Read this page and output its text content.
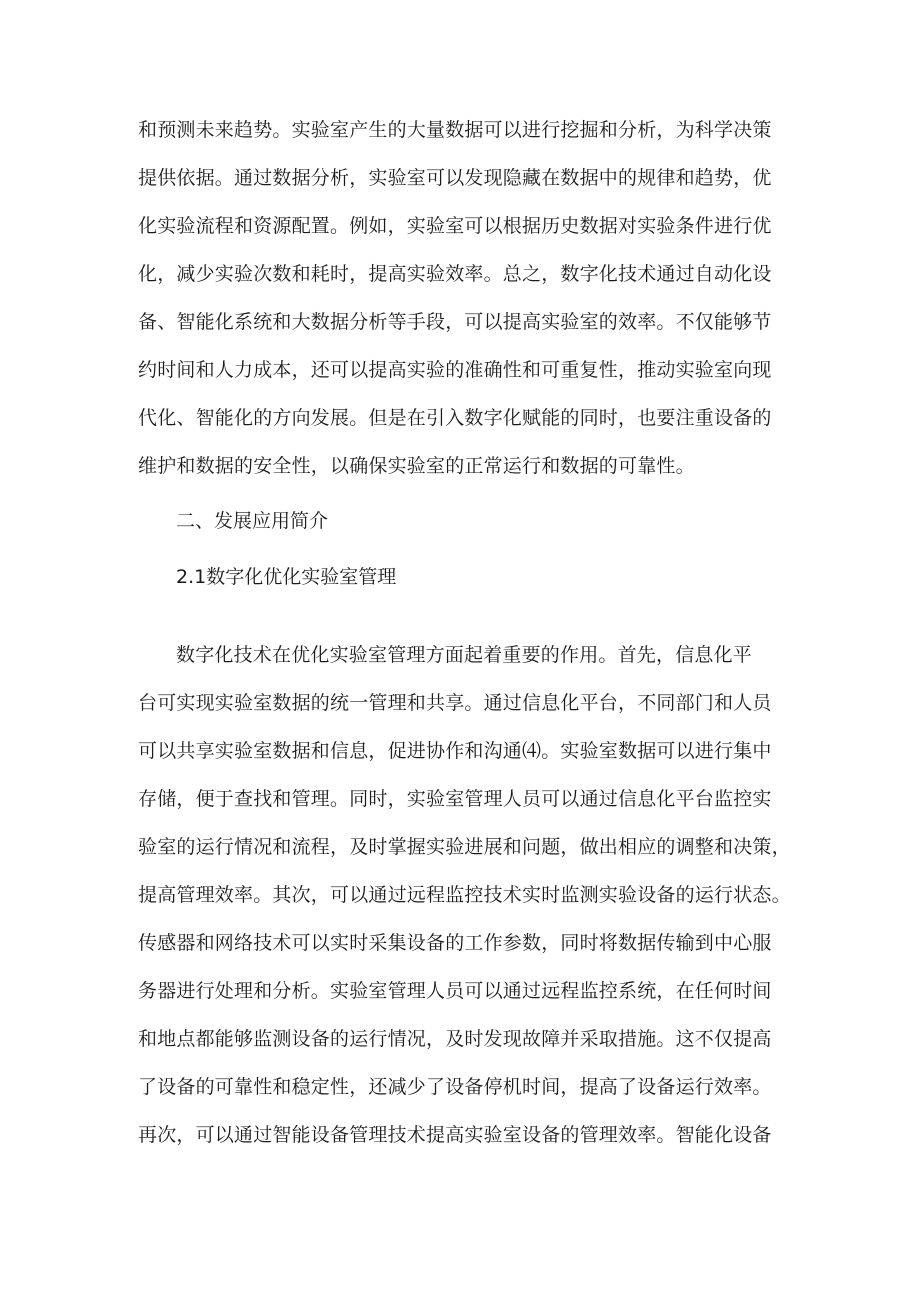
和预测未来趋势。实验室产生的大量数据可以进行挖掘和分析，为科学决策

提供依据。通过数据分析，实验室可以发现隐藏在数据中的规律和趋势，优

化实验流程和资源配置。例如，实验室可以根据历史数据对实验条件进行优

化，减少实验次数和耗时，提高实验效率。总之，数字化技术通过自动化设

备、智能化系统和大数据分析等手段，可以提高实验室的效率。不仅能够节

约时间和人力成本，还可以提高实验的准确性和可重复性，推动实验室向现

代化、智能化的方向发展。但是在引入数字化赋能的同时，也要注重设备的

维护和数据的安全性，以确保实验室的正常运行和数据的可靠性。

二、发展应用简介
2.1数字化优化实验室管理

数字化技术在优化实验室管理方面起着重要的作用。首先，信息化平

台可实现实验室数据的统一管理和共享。通过信息化平台，不同部门和人员

可以共享实验室数据和信息，促进协作和沟通⑷。实验室数据可以进行集中

存储，便于查找和管理。同时，实验室管理人员可以通过信息化平台监控实

验室的运行情况和流程，及时掌握实验进展和问题，做出相应的调整和决策，

提高管理效率。其次，可以通过远程监控技术实时监测实验设备的运行状态。

传感器和网络技术可以实时采集设备的工作参数，同时将数据传输到中心服

务器进行处理和分析。实验室管理人员可以通过远程监控系统，在任何时间

和地点都能够监测设备的运行情况，及时发现故障并采取措施。这不仅提高

了设备的可靠性和稳定性，还减少了设备停机时间，提高了设备运行效率。

再次，可以通过智能设备管理技术提高实验室设备的管理效率。智能化设备
